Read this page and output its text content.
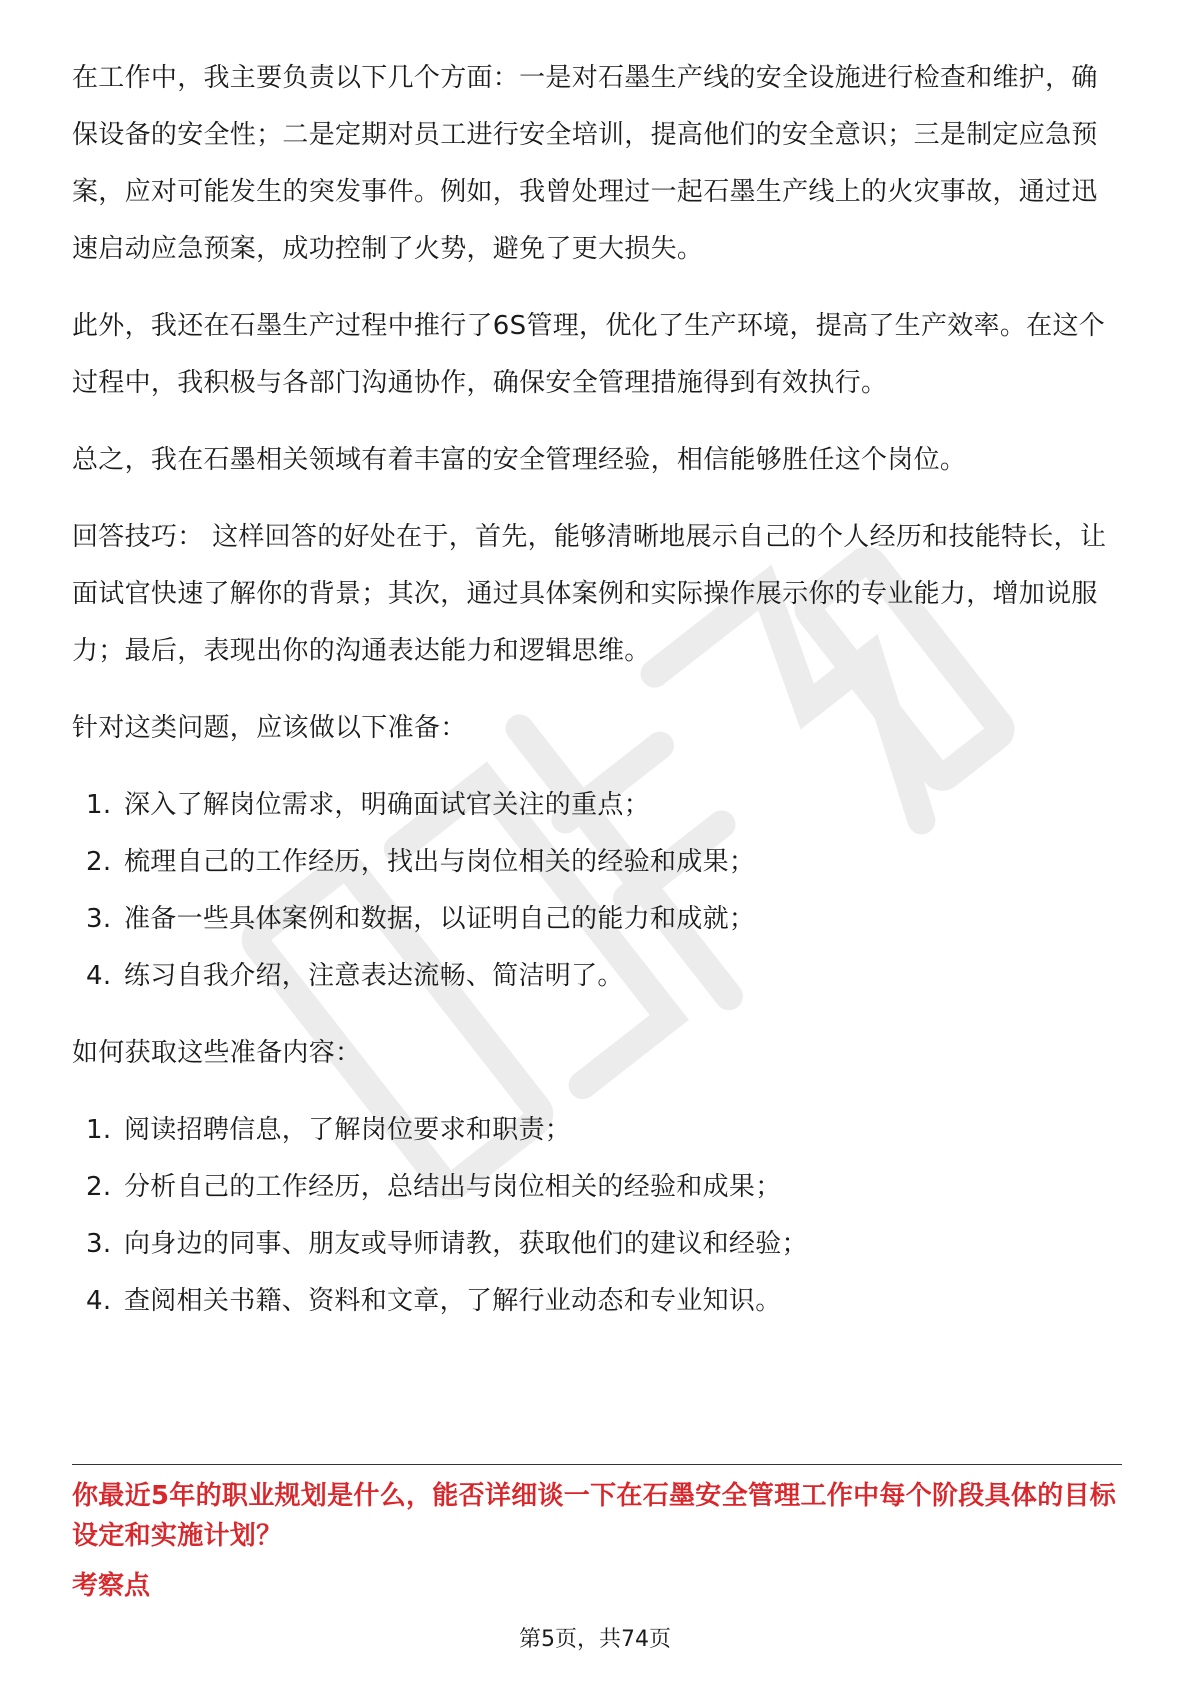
在工作中，我主要负责以下几个方面：一是对石墨生产线的安全设施进行检查和维护，确保设备的安全性；二是定期对员工进行安全培训，提高他们的安全意识；三是制定应急预案，应对可能发生的突发事件。例如，我曾处理过一起石墨生产线上的火灾事故，通过迅速启动应急预案，成功控制了火势，避免了更大损失。

此外，我还在石墨生产过程中推行了6S管理，优化了生产环境，提高了生产效率。在这个过程中，我积极与各部门沟通协作，确保安全管理措施得到有效执行。

总之，我在石墨相关领域有着丰富的安全管理经验，相信能够胜任这个岗位。

回答技巧： 这样回答的好处在于，首先，能够清晰地展示自己的个人经历和技能特长，让面试官快速了解你的背景；其次，通过具体案例和实际操作展示你的专业能力，增加说服力；最后，表现出你的沟通表达能力和逻辑思维。

针对这类问题，应该做以下准备：

1. 深入了解岗位需求，明确面试官关注的重点；
2. 梳理自己的工作经历，找出与岗位相关的经验和成果；
3. 准备一些具体案例和数据，以证明自己的能力和成就；
4. 练习自我介绍，注意表达流畅、简洁明了。

如何获取这些准备内容：

1. 阅读招聘信息，了解岗位要求和职责；
2. 分析自己的工作经历，总结出与岗位相关的经验和成果；
3. 向身边的同事、朋友或导师请教，获取他们的建议和经验；
4. 查阅相关书籍、资料和文章，了解行业动态和专业知识。
你最近5年的职业规划是什么，能否详细谈一下在石墨安全管理工作中每个阶段具体的目标设定和实施计划？
考察点
第5页，共74页
